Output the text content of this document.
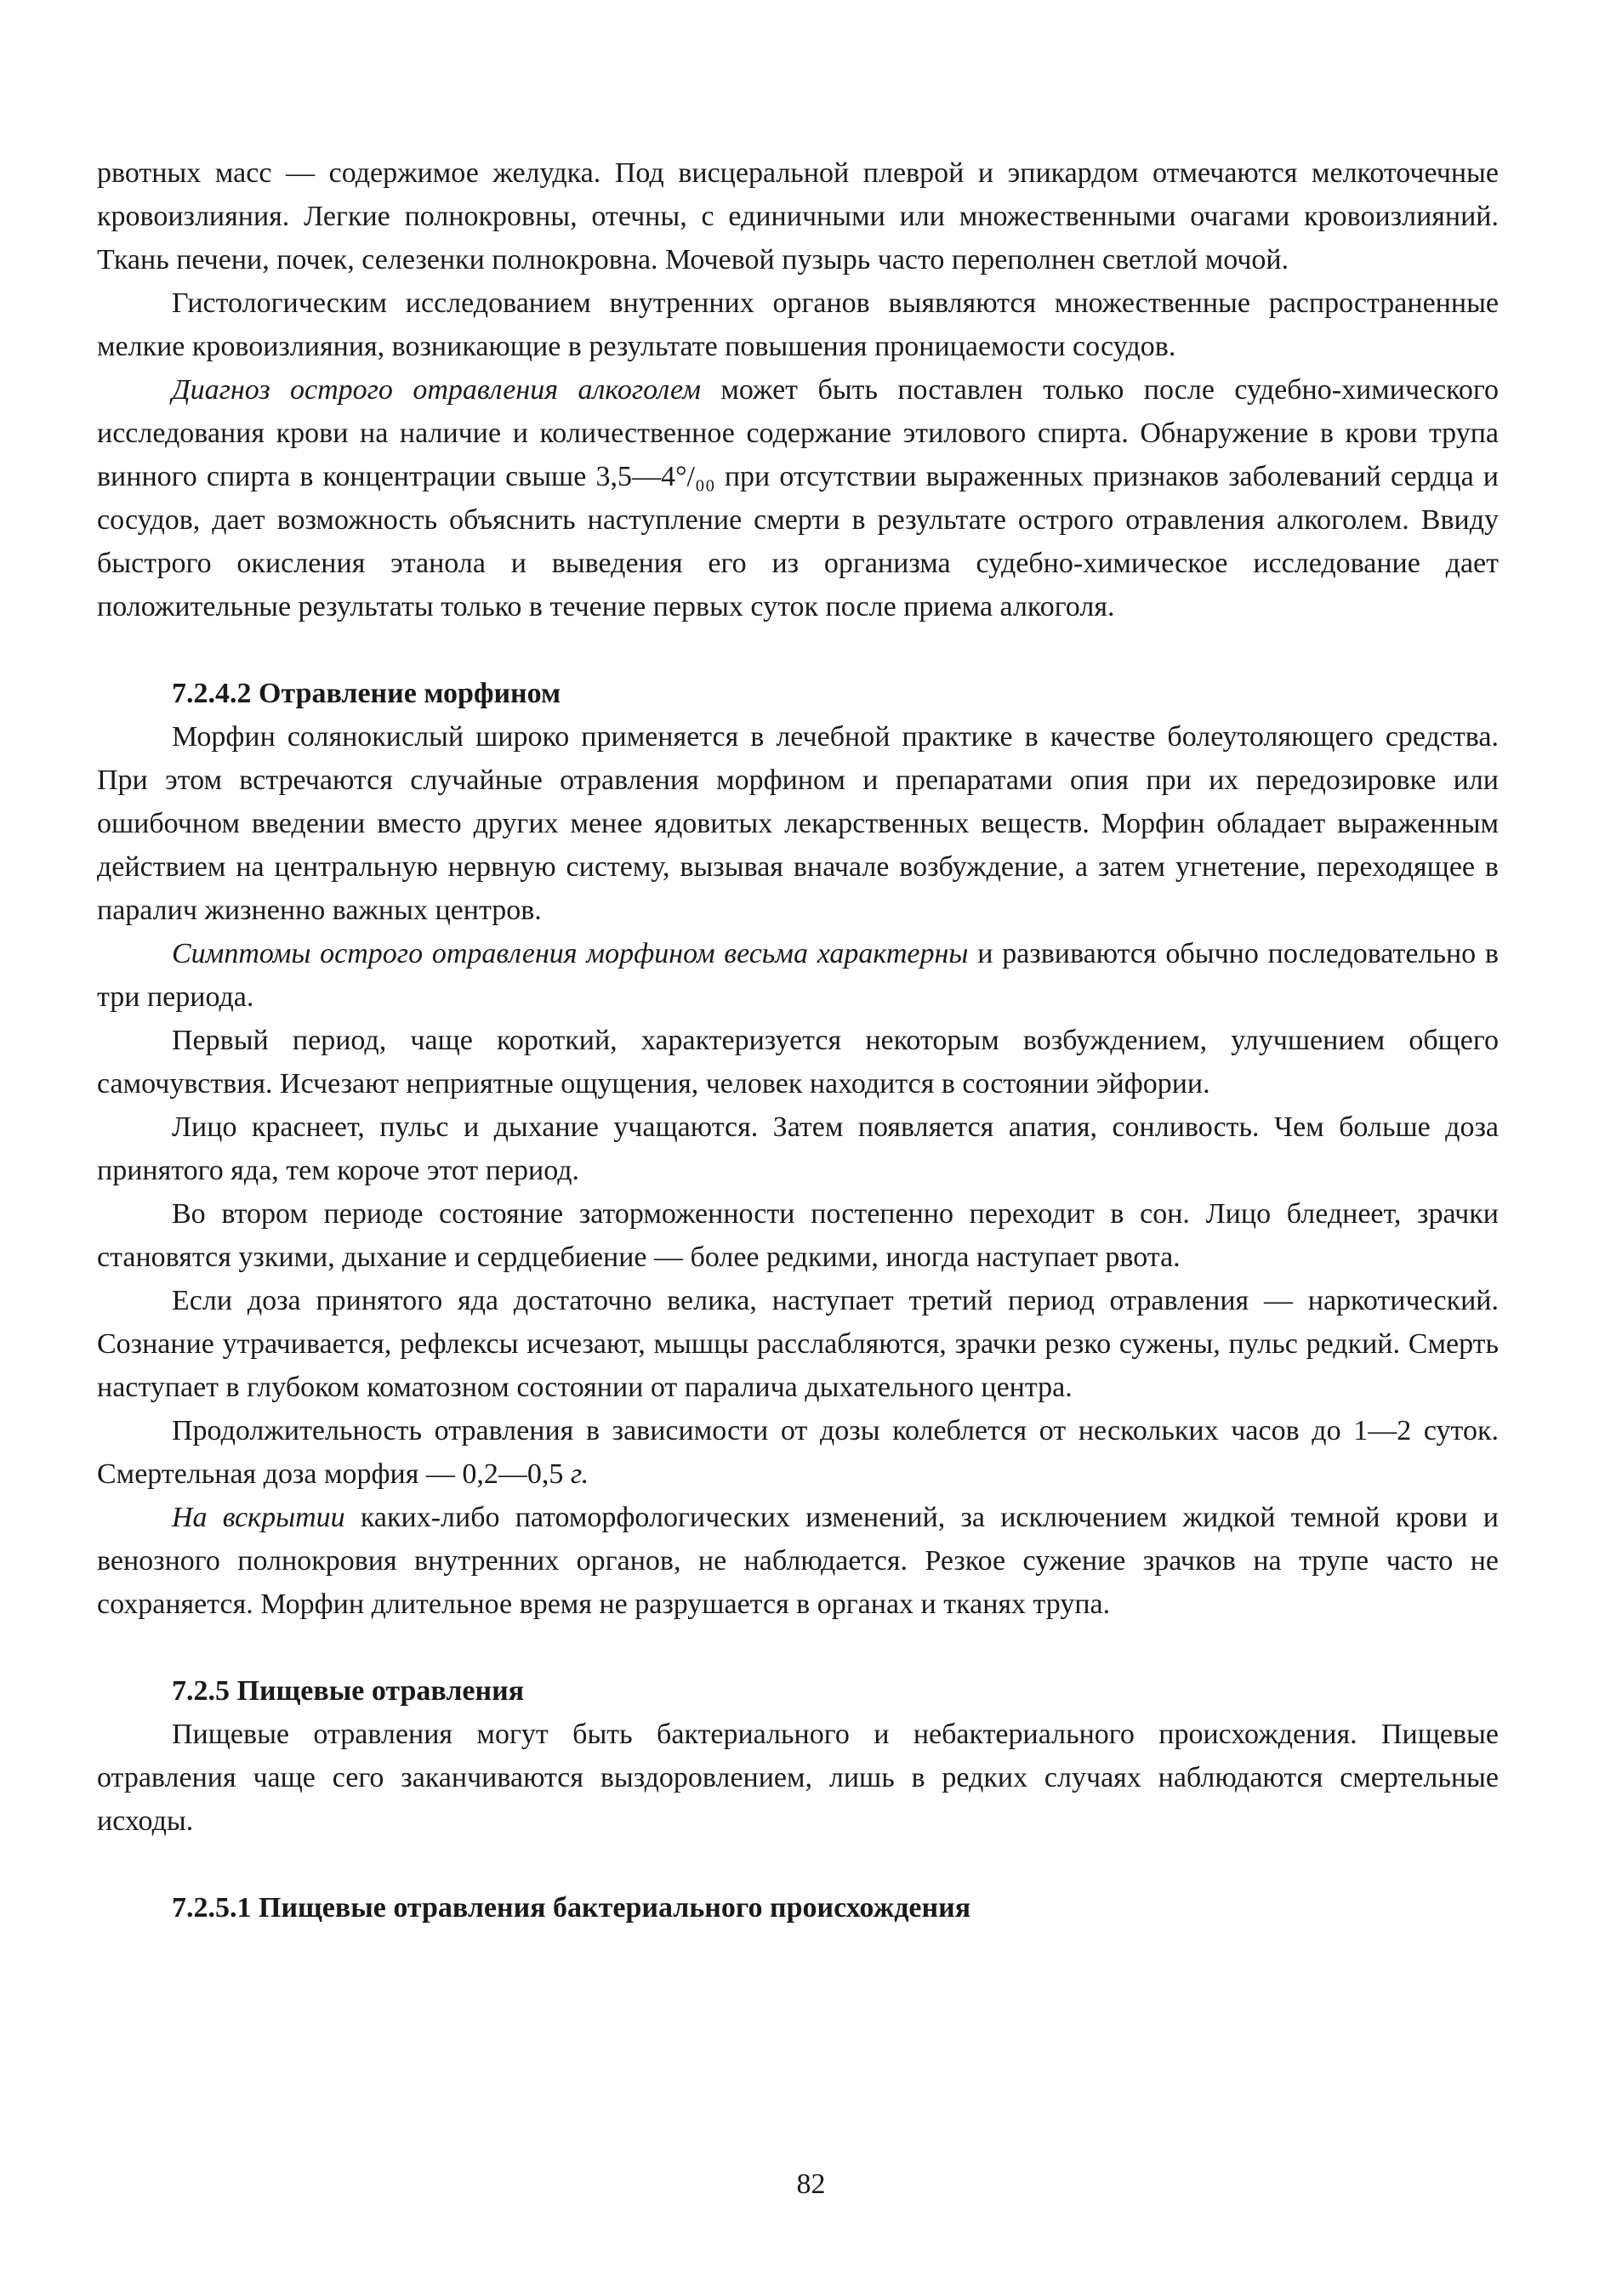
рвотных масс — содержимое желудка. Под висцеральной плеврой и эпикардом отмечаются мелкоточечные кровоизлияния. Легкие полнокровны, отечны, с единичными или множественными очагами кровоизлияний. Ткань печени, почек, селезенки полнокровна. Мочевой пузырь часто переполнен светлой мочой.

Гистологическим исследованием внутренних органов выявляются множественные распространенные мелкие кровоизлияния, возникающие в результате повышения проницаемости сосудов.

Диагноз острого отравления алкоголем может быть поставлен только после судебно-химического исследования крови на наличие и количественное содержание этилового спирта. Обнаружение в крови трупа винного спирта в концентрации свыше 3,5—4°/₀₀ при отсутствии выраженных признаков заболеваний сердца и сосудов, дает возможность объяснить наступление смерти в результате острого отравления алкоголем. Ввиду быстрого окисления этанола и выведения его из организма судебно-химическое исследование дает положительные результаты только в течение первых суток после приема алкоголя.

7.2.4.2 Отравление морфином

Морфин солянокислый широко применяется в лечебной практике в качестве болеутоляющего средства. При этом встречаются случайные отравления морфином и препаратами опия при их передозировке или ошибочном введении вместо других менее ядовитых лекарственных веществ. Морфин обладает выраженным действием на центральную нервную систему, вызывая вначале возбуждение, а затем угнетение, переходящее в паралич жизненно важных центров.

Симптомы острого отравления морфином весьма характерны и развиваются обычно последовательно в три периода.

Первый период, чаще короткий, характеризуется некоторым возбуждением, улучшением общего самочувствия. Исчезают неприятные ощущения, человек находится в состоянии эйфории.

Лицо краснеет, пульс и дыхание учащаются. Затем появляется апатия, сонливость. Чем больше доза принятого яда, тем короче этот период.

Во втором периоде состояние заторможенности постепенно переходит в сон. Лицо бледнеет, зрачки становятся узкими, дыхание и сердцебиение — более редкими, иногда наступает рвота.

Если доза принятого яда достаточно велика, наступает третий период отравления — наркотический. Сознание утрачивается, рефлексы исчезают, мышцы расслабляются, зрачки резко сужены, пульс редкий. Смерть наступает в глубоком коматозном состоянии от паралича дыхательного центра.

Продолжительность отравления в зависимости от дозы колеблется от нескольких часов до 1—2 суток. Смертельная доза морфия — 0,2—0,5 г.

На вскрытии каких-либо патоморфологических изменений, за исключением жидкой темной крови и венозного полнокровия внутренних органов, не наблюдается. Резкое сужение зрачков на трупе часто не сохраняется. Морфин длительное время не разрушается в органах и тканях трупа.

7.2.5 Пищевые отравления

Пищевые отравления могут быть бактериального и небактериального происхождения. Пищевые отравления чаще сего заканчиваются выздоровлением, лишь в редких случаях наблюдаются смертельные исходы.

7.2.5.1 Пищевые отравления бактериального происхождения

82
